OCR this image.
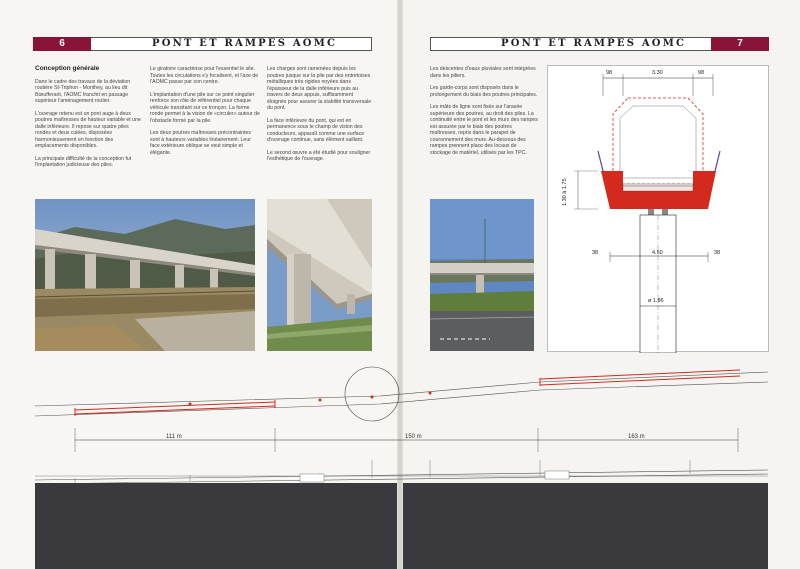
6	PONT ET RAMPES AOMC	PONT ET RAMPES AOMC	7
Conception générale

Dans le cadre des travaux de la déviation routière St-Triphon - Monthey, au lieu dit Bœufferant, l'AOMC franchit en passage supérieur l'aménagement routier.

L'ouvrage retenu est un pont auge à deux poutres maîtresses de hauteur variable et une dalle inférieure. Il repose sur quatre piles rondes et deux culées, disposées harmonieusement en fonction des emplacements disponibles.

La principale difficulté de la conception fut l'implantation judicieuse des piles.

Le giratoire caractérise pour l'essentiel le site. Toutes les circulations s'y focalisent, et l'axe de l'AOMC passe par son centre.

L'implantation d'une pile sur ce point singulier renforce son rôle de référentiel pour chaque véhicule transitant sur ce tronçon. La forme ronde permet à la vision de «circuler» autour de l'obstacle formé par la pile.

Les deux poutres maîtresses précontraintes sont à hauteurs variables linéairement. Leur face extérieure oblique se veut simple et élégante.

Les charges sont ramenées depuis les poutres jusque sur la pile par des entretoises métalliques très rigides noyées dans l'épaisseur de la dalle inférieure puis au travers de deux appuis, suffisamment éloignés pour assurer la stabilité transversale du pont.

La face inférieure du pont, qui est en permanence sous le champ de vision des conducteurs, apparaît comme une surface d'ouvrage continue, sans élément saillant.

Le second œuvre a été étudié pour souligner l'esthétique de l'ouvrage.

Les descentes d'eaux pluviales sont intégrées dans les piliers.

Les garde-corps sont disposés dans le prolongement du biais des poutres principales.

Les mâts de ligne sont fixés sur l'arasée supérieure des poutres, au droit des piles. La continuité entre le pont et les murs des rampes est assurée par le biais des poutres maîtresses, repris dans le parapet de couronnement des murs. Au-dessous des rampes prennent place des locaux de stockage de matériel, utilisés par les TPC.

98	3.30	98
1.30 à 1.75
38	4.50	38
ø 1.86
111 m	150 m	163 m
